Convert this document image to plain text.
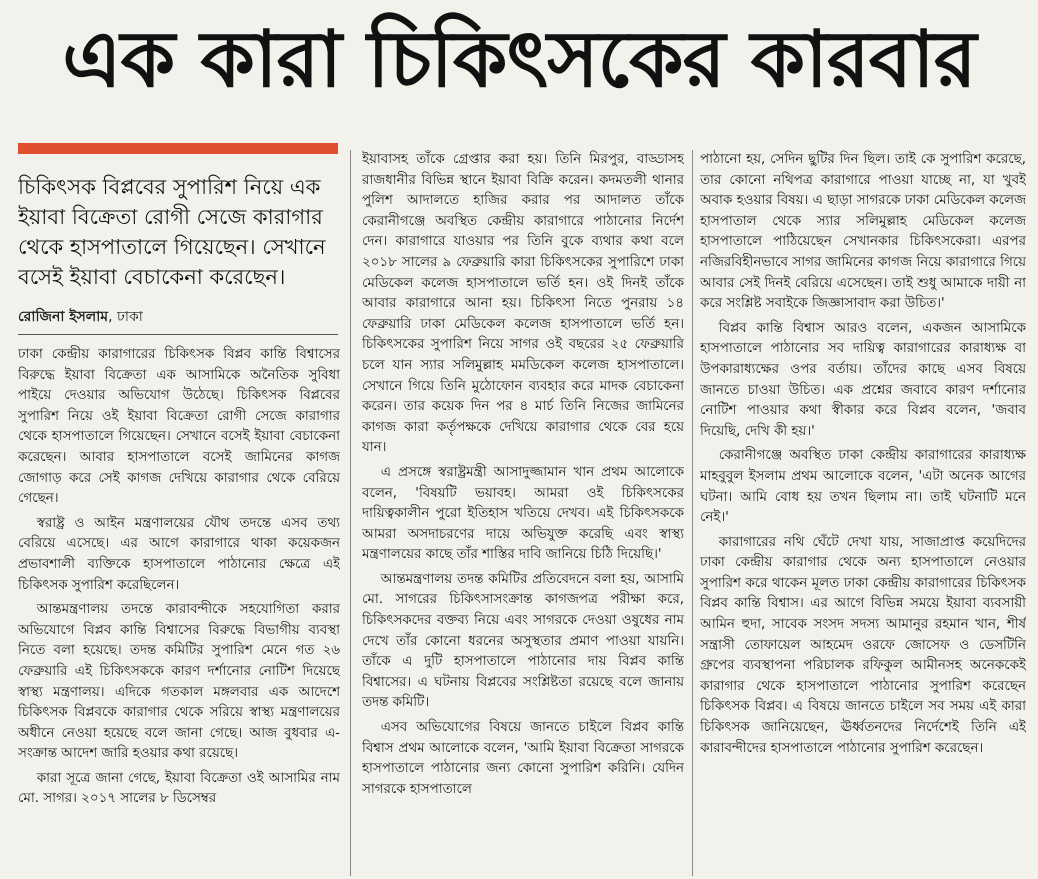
এক কারা চিকিৎসকের কারবার
চিকিৎসক বিপ্লবের সুপারিশ নিয়ে এক ইয়াবা বিক্রেতা রোগী সেজে কারাগার থেকে হাসপাতালে গিয়েছেন। সেখানে বসেই ইয়াবা বেচাকেনা করেছেন।
রোজিনা ইসলাম, ঢাকা

ঢাকা কেন্দ্রীয় কারাগারের চিকিৎসক বিপ্লব কান্তি বিশ্বাসের বিরুদ্ধে ইয়াবা বিক্রেতা এক আসামিকে অনৈতিক সুবিধা পাইয়ে দেওয়ার অভিযোগ উঠেছে। চিকিৎসক বিপ্লবের সুপারিশ নিয়ে ওই ইয়াবা বিক্রেতা রোগী সেজে কারাগার থেকে হাসপাতালে গিয়েছেন। সেখানে বসেই ইয়াবা বেচাকেনা করেছেন। আবার হাসপাতালে বসেই জামিনের কাগজ জোগাড় করে সেই কাগজ দেখিয়ে কারাগার থেকে বেরিয়ে গেছেন।

স্বরাষ্ট্র ও আইন মন্ত্রণালয়ের যৌথ তদন্তে এসব তথ্য বেরিয়ে এসেছে। এর আগে কারাগারে থাকা কয়েকজন প্রভাবশালী ব্যক্তিকে হাসপাতালে পাঠানোর ক্ষেত্রে এই চিকিৎসক সুপারিশ করেছিলেন।

আন্তমন্ত্রণালয় তদন্তে কারাবন্দীকে সহযোগিতা করার অভিযোগে বিপ্লব কান্তি বিশ্বাসের বিরুদ্ধে বিভাগীয় ব্যবস্থা নিতে বলা হয়েছে। তদন্ত কমিটির সুপারিশ মেনে গত ২৬ ফেব্রুয়ারি এই চিকিৎসককে কারণ দর্শানোর নোটিশ দিয়েছে স্বাস্থ্য মন্ত্রণালয়। এদিকে গতকাল মঙ্গলবার এক আদেশে চিকিৎসক বিপ্লবকে কারাগার থেকে সরিয়ে স্বাস্থ্য মন্ত্রণালয়ের অধীনে নেওয়া হয়েছে বলে জানা গেছে। আজ বুধবার এ-সংক্রান্ত আদেশ জারি হওয়ার কথা রয়েছে।

কারা সূত্রে জানা গেছে, ইয়াবা বিক্রেতা ওই আসামির নাম মো. সাগর। ২০১৭ সালের ৮ ডিসেম্বর

ইয়াবাসহ তাঁকে গ্রেপ্তার করা হয়। তিনি মিরপুর, বাড্ডাসহ রাজধানীর বিভিন্ন স্থানে ইয়াবা বিক্রি করেন। কদমতলী থানার পুলিশ আদালতে হাজির করার পর আদালত তাঁকে কেরানীগঞ্জে অবস্থিত কেন্দ্রীয় কারাগারে পাঠানোর নির্দেশ দেন। কারাগারে যাওয়ার পর তিনি বুকে ব্যথার কথা বলে ২০১৮ সালের ৯ ফেব্রুয়ারি কারা চিকিৎসকের সুপারিশে ঢাকা মেডিকেল কলেজ হাসপাতালে ভর্তি হন। ওই দিনই তাঁকে আবার কারাগারে আনা হয়। চিকিৎসা নিতে পুনরায় ১৪ ফেব্রুয়ারি ঢাকা মেডিকেল কলেজ হাসপাতালে ভর্তি হন। চিকিৎসকের সুপারিশ নিয়ে সাগর ওই বছরের ২৫ ফেব্রুয়ারি চলে যান স্যার সলিমুল্লাহ মমডিকেল কলেজ হাসপাতালে। সেখানে গিয়ে তিনি মুঠোফোন ব্যবহার করে মাদক বেচাকেনা করেন। তার কয়েক দিন পর ৪ মার্চ তিনি নিজের জামিনের কাগজ কারা কর্তৃপক্ষকে দেখিয়ে কারাগার থেকে বের হয়ে যান।

এ প্রসঙ্গে স্বরাষ্ট্রমন্ত্রী আসাদুজ্জামান খান প্রথম আলোকে বলেন, 'বিষয়টি ভয়াবহ। আমরা ওই চিকিৎসকের দায়িত্বকালীন পুরো ইতিহাস খতিয়ে দেখব। এই চিকিৎসককে আমরা অসদাচরণের দায়ে অভিযুক্ত করেছি এবং স্বাস্থ্য মন্ত্রণালয়ের কাছে তাঁর শাস্তির দাবি জানিয়ে চিঠি দিয়েছি।'

আন্তমন্ত্রণালয় তদন্ত কমিটির প্রতিবেদনে বলা হয়, আসামি মো. সাগরের চিকিৎসাসংক্রান্ত কাগজপত্র পরীক্ষা করে, চিকিৎসকদের বক্তব্য নিয়ে এবং সাগরকে দেওয়া ওষুধের নাম দেখে তাঁর কোনো ধরনের অসুস্থতার প্রমাণ পাওয়া যায়নি। তাঁকে এ দুটি হাসপাতালে পাঠানোর দায় বিপ্লব কান্তি বিশ্বাসের। এ ঘটনায় বিপ্লবের সংশ্লিষ্টতা রয়েছে বলে জানায় তদন্ত কমিটি।

এসব অভিযোগের বিষয়ে জানতে চাইলে বিপ্লব কান্তি বিশ্বাস প্রথম আলোকে বলেন, 'আমি ইয়াবা বিক্রেতা সাগরকে হাসপাতালে পাঠানোর জন্য কোনো সুপারিশ করিনি। যেদিন সাগরকে হাসপাতালে

পাঠানো হয়, সেদিন ছুটির দিন ছিল। তাই কে সুপারিশ করেছে, তার কোনো নথিপত্র কারাগারে পাওয়া যাচ্ছে না, যা খুবই অবাক হওয়ার বিষয়। এ ছাড়া সাগরকে ঢাকা মেডিকেল কলেজ হাসপাতাল থেকে স্যার সলিমুল্লাহ মেডিকেল কলেজ হাসপাতালে পাঠিয়েছেন সেখানকার চিকিৎসকেরা। এরপর নজিরবিহীনভাবে সাগর জামিনের কাগজ নিয়ে কারাগারে গিয়ে আবার সেই দিনই বেরিয়ে এসেছেন। তাই শুধু আমাকে দায়ী না করে সংশ্লিষ্ট সবাইকে জিজ্ঞাসাবাদ করা উচিত।'

বিপ্লব কান্তি বিশ্বাস আরও বলেন, একজন আসামিকে হাসপাতালে পাঠানোর সব দায়িত্ব কারাগারের কারাধ্যক্ষ বা উপকারাধ্যক্ষের ওপর বর্তায়। তাঁদের কাছে এসব বিষয়ে জানতে চাওয়া উচিত। এক প্রশ্নের জবাবে কারণ দর্শানোর নোটিশ পাওয়ার কথা স্বীকার করে বিপ্লব বলেন, 'জবাব দিয়েছি, দেখি কী হয়।'

কেরানীগঞ্জে অবস্থিত ঢাকা কেন্দ্রীয় কারাগারের কারাধ্যক্ষ মাহবুবুল ইসলাম প্রথম আলোকে বলেন, 'এটা অনেক আগের ঘটনা। আমি বোধ হয় তখন ছিলাম না। তাই ঘটনাটি মনে নেই।'

কারাগারের নথি ঘেঁটে দেখা যায়, সাজাপ্রাপ্ত কয়েদিদের ঢাকা কেন্দ্রীয় কারাগার থেকে অন্য হাসপাতালে নেওয়ার সুপারিশ করে থাকেন মূলত ঢাকা কেন্দ্রীয় কারাগারের চিকিৎসক বিপ্লব কান্তি বিশ্বাস। এর আগে বিভিন্ন সময়ে ইয়াবা ব্যবসায়ী আমিন হুদা, সাবেক সংসদ সদস্য আমানুর রহমান খান, শীর্ষ সন্ত্রাসী তোফায়েল আহমেদ ওরফে জোসেফ ও ডেসটিনি গ্রুপের ব্যবস্থাপনা পরিচালক রফিকুল আমীনসহ অনেককেই কারাগার থেকে হাসপাতালে পাঠানোর সুপারিশ করেছেন চিকিৎসক বিপ্লব। এ বিষয়ে জানতে চাইলে সব সময় এই কারা চিকিৎসক জানিয়েছেন, ঊর্ধ্বতনদের নির্দেশেই তিনি এই কারাবন্দীদের হাসপাতালে পাঠানোর সুপারিশ করেছেন।
